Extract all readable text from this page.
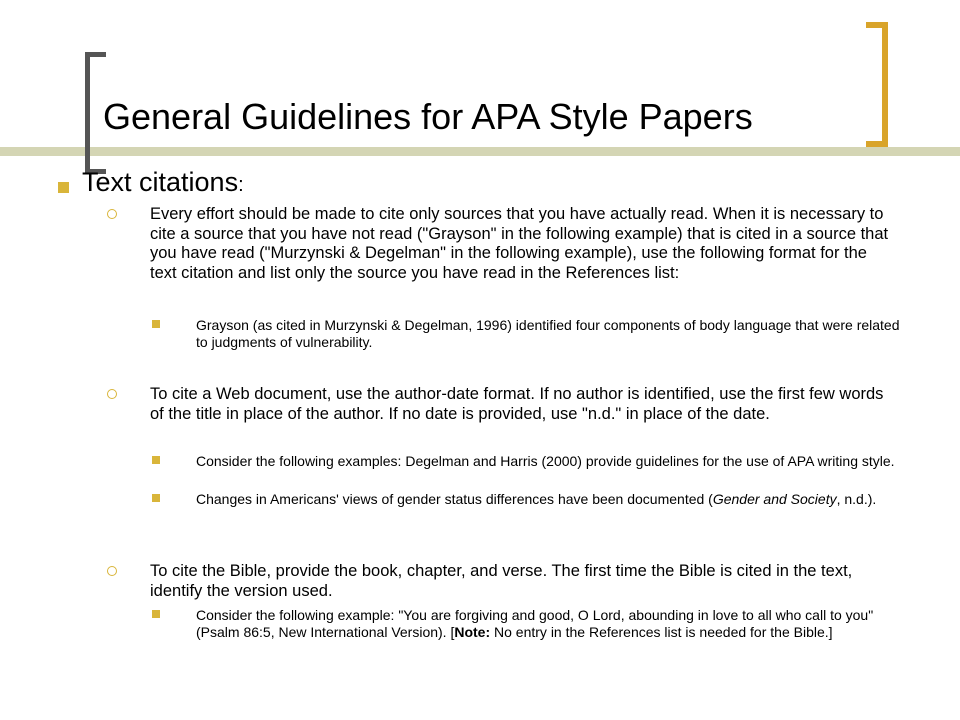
General Guidelines for APA Style Papers
Text citations:
Every effort should be made to cite only sources that you have actually read. When it is necessary to cite a source that you have not read ("Grayson" in the following example) that is cited in a source that you have read ("Murzynski & Degelman" in the following example), use the following format for the text citation and list only the source you have read in the References list:
Grayson (as cited in Murzynski & Degelman, 1996) identified four components of body language that were related to judgments of vulnerability.
To cite a Web document, use the author-date format. If no author is identified, use the first few words of the title in place of the author. If no date is provided, use "n.d." in place of the date.
Consider the following examples: Degelman and Harris (2000) provide guidelines for the use of APA writing style.
Changes in Americans' views of gender status differences have been documented (Gender and Society, n.d.).
To cite the Bible, provide the book, chapter, and verse. The first time the Bible is cited in the text, identify the version used.
Consider the following example: "You are forgiving and good, O Lord, abounding in love to all who call to you" (Psalm 86:5, New International Version). [Note: No entry in the References list is needed for the Bible.]
